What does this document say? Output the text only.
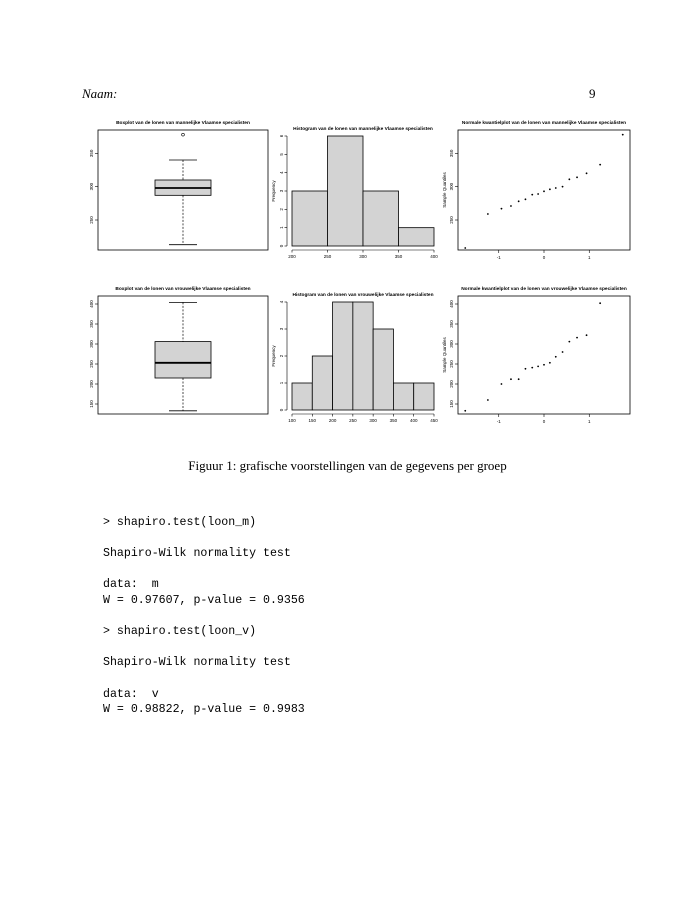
Naam:	9
Boxplot van de lonen van mannelijke Vlaamse specialisten
250
300
350
Histogram van de lonen van mannelijke Vlaamse specialisten
200	250	300	350	400
0
1
2
3
4
5
6
Frequency
Normale kwantielplot van de lonen van mannelijke Vlaamse specialisten
-1	0	1
250
300
350
Sample Quantiles
Boxplot van de lonen van vrouwelijke Vlaamse specialisten
150
200
250
300
350
400
Histogram van de lonen van vrouwelijke Vlaamse specialisten
100	150	200	250	300	350	400	450
0
1
2
3
4
Frequency
Normale kwantielplot van de lonen van vrouwelijke Vlaamse specialisten
-1	0	1
150
200
250
300
350
400
Sample Quantiles
Figuur 1: grafische voorstellingen van de gegevens per groep
> shapiro.test(loon_m)
Shapiro-Wilk normality test
data:  m
W = 0.97607, p-value = 0.9356
> shapiro.test(loon_v)
Shapiro-Wilk normality test
data:  v
W = 0.98822, p-value = 0.9983
